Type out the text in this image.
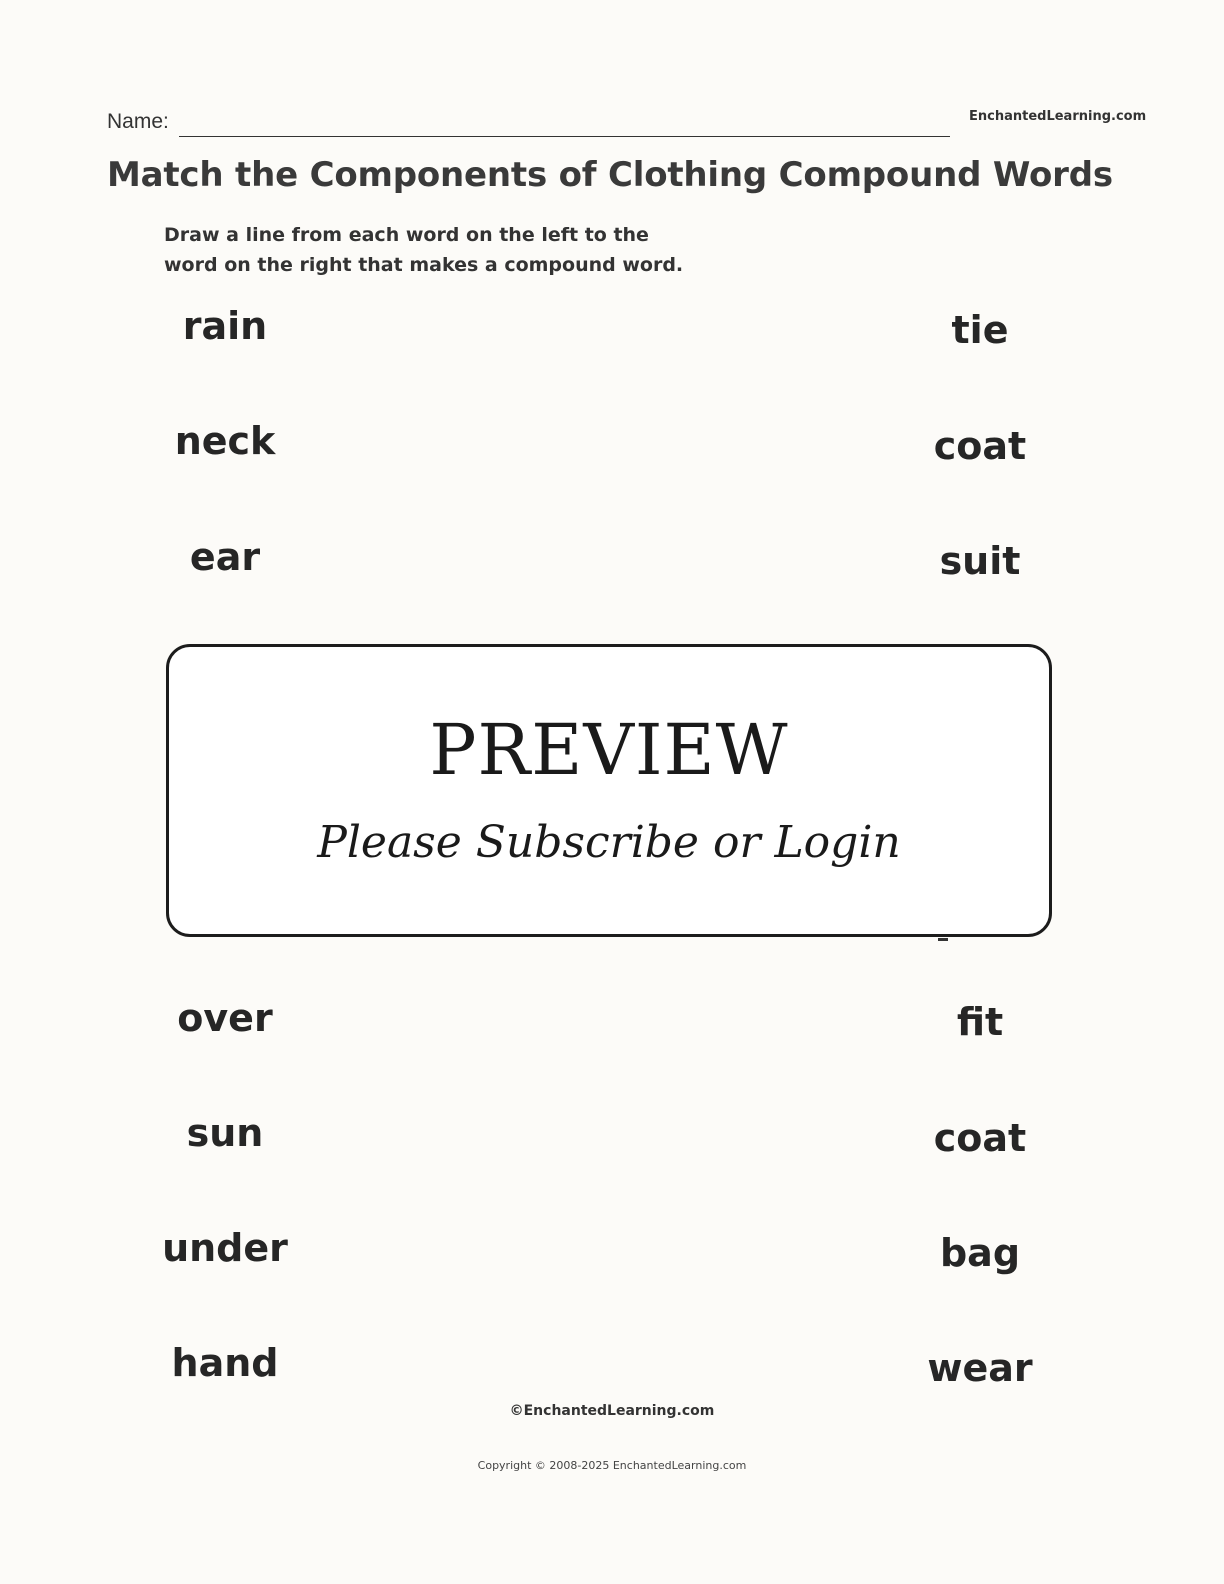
Name:	EnchantedLearning.com
Match the Components of Clothing Compound Words
Draw a line from each word on the left to the
word on the right that makes a compound word.
rain
neck
ear
over
sun
under
hand
tie
coat
suit
fit
coat
bag
wear
PREVIEW
Please Subscribe or Login
©EnchantedLearning.com
Copyright © 2008-2025 EnchantedLearning.com
